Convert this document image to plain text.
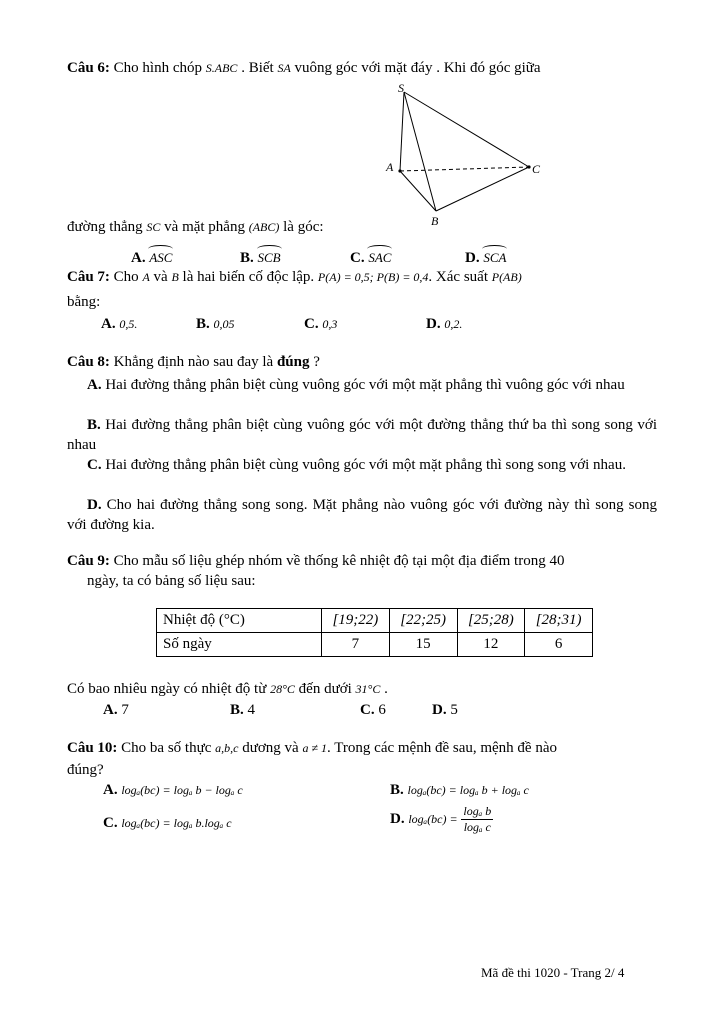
Câu 6: Cho hình chóp S.ABC . Biết SA vuông góc với mặt đáy . Khi đó góc giữa
S
A
B
C
đường thẳng SC và mặt phẳng (ABC) là góc:
A. ASC	B. SCB	C. SAC	D. SCA
Câu 7: Cho A và B là hai biến cố độc lập. P(A) = 0,5; P(B) = 0,4. Xác suất P(AB)
bằng:
A. 0,5.	B. 0,05	C. 0,3	D. 0,2.
Câu 8: Khẳng định nào sau đay là đúng ?
A. Hai đường thẳng phân biệt cùng vuông góc với một mặt phẳng thì vuông góc với nhau
B. Hai đường thẳng phân biệt cùng vuông góc với một đường thẳng thứ ba thì song song với nhau
C. Hai đường thẳng phân biệt cùng vuông góc với một mặt phẳng thì song song với nhau.
D. Cho hai đường thẳng song song. Mặt phẳng nào vuông góc với đường này thì song song với đường kia.
Câu 9: Cho mẫu số liệu ghép nhóm về thống kê nhiệt độ tại một địa điểm trong 40
ngày, ta có bảng số liệu sau:
Nhiệt độ (°C)	[19;22)	[22;25)	[25;28)	[28;31)
Số ngày	7	15	12	6
Có bao nhiêu ngày có nhiệt độ từ 28°C đến dưới 31°C .
A. 7	B. 4	C. 6	D. 5
Câu 10: Cho ba số thực a,b,c dương và a ≠ 1. Trong các mệnh đề sau, mệnh đề nào
đúng?
A. logₐ(bc) = logₐ b − logₐ c	B. logₐ(bc) = logₐ b + logₐ c
C. logₐ(bc) = logₐ b.logₐ c	D. $\log_a(bc) = \frac{\text{logₐ b}}{\text{logₐ c}}$
Mã đề thi 1020 - Trang 2/ 4
